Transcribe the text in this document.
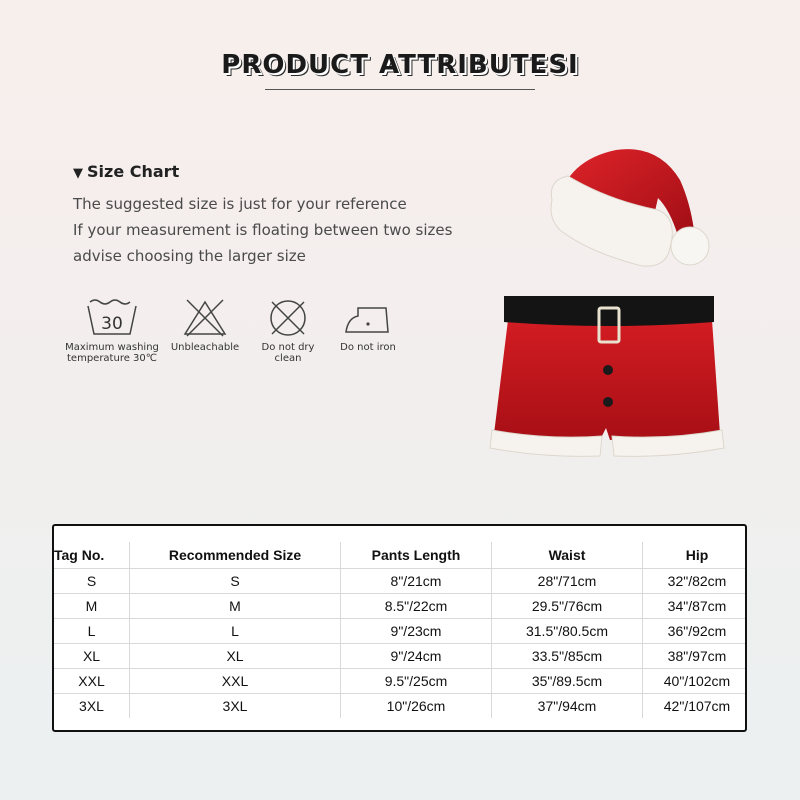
PRODUCT ATTRIBUTESI
▼ Size Chart

The suggested size is just for your reference

If your measurement is floating between two sizes

advise choosing the larger size

30
Maximum washing
temperature 30℃
Unbleachable	Do not dry clean
Do not iron
Tag No.	Recommended Size	Pants Length	Waist	Hip
S	S	8"/21cm	28"/71cm	32"/82cm
M	M	8.5"/22cm	29.5"/76cm	34"/87cm
L	L	9"/23cm	31.5"/80.5cm	36"/92cm
XL	XL	9"/24cm	33.5"/85cm	38"/97cm
XXL	XXL	9.5"/25cm	35"/89.5cm	40"/102cm
3XL	3XL	10"/26cm	37"/94cm	42"/107cm
